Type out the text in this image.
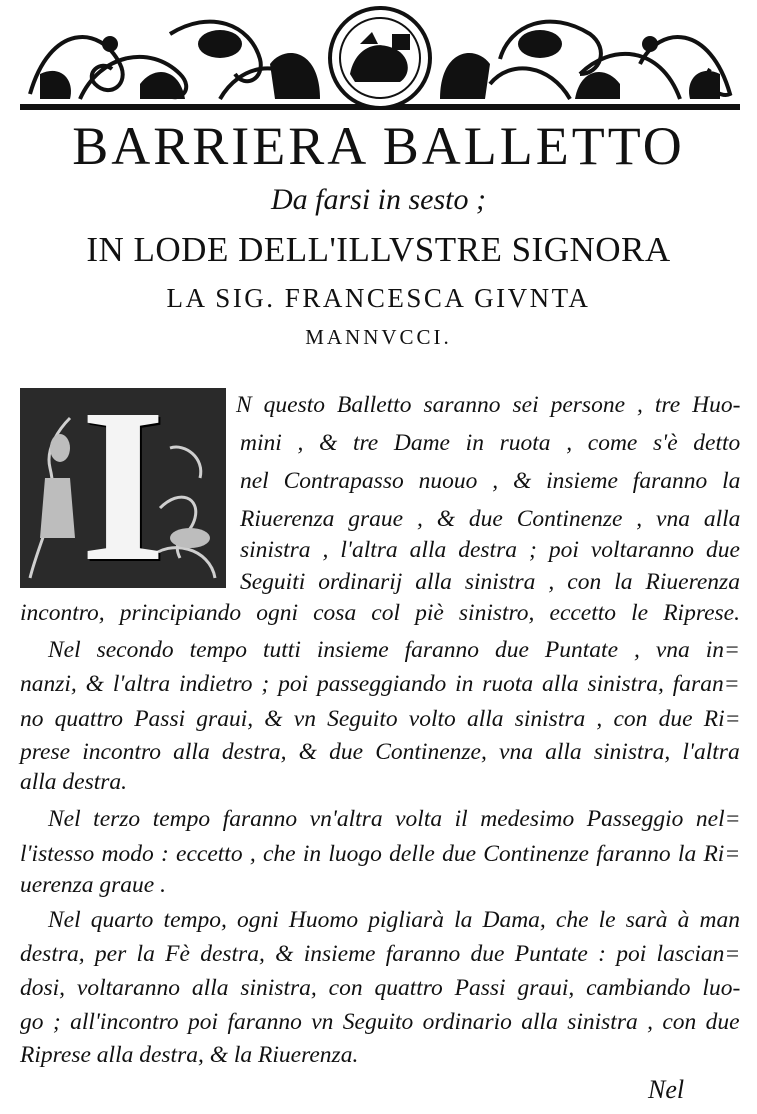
BARRIERA BALLETTO
Da farsi in sesto ;
IN LODE DELL'ILLVSTRE SIGNORA
LA SIG. FRANCESCA GIVNTA
MANNVCCI.
I	N questo Balletto saranno sei persone , tre Huo-
mini , & tre Dame in ruota , come s'è detto
nel Contrapasso nuouo , & insieme faranno la
Riuerenza graue , & due Continenze , vna alla
sinistra , l'altra alla destra ; poi voltaranno due
Seguiti ordinarij alla sinistra , con la Riuerenza
incontro, principiando ogni cosa col piè sinistro, eccetto le Riprese.
Nel secondo tempo tutti insieme faranno due Puntate , vna in=
nanzi, & l'altra indietro ; poi passeggiando in ruota alla sinistra, faran=
no quattro Passi graui, & vn Seguito volto alla sinistra , con due Ri=
prese incontro alla destra, & due Continenze, vna alla sinistra, l'altra
alla destra.
Nel terzo tempo faranno vn'altra volta il medesimo Passeggio nel=
l'istesso modo : eccetto , che in luogo delle due Continenze faranno la Ri=
uerenza graue .
Nel quarto tempo, ogni Huomo pigliarà la Dama, che le sarà à man
destra, per la Fè destra, & insieme faranno due Puntate : poi lascian=
dosi, voltaranno alla sinistra, con quattro Passi graui, cambiando luo-
go ; all'incontro poi faranno vn Seguito ordinario alla sinistra , con due
Riprese alla destra, & la Riuerenza.
Nel
